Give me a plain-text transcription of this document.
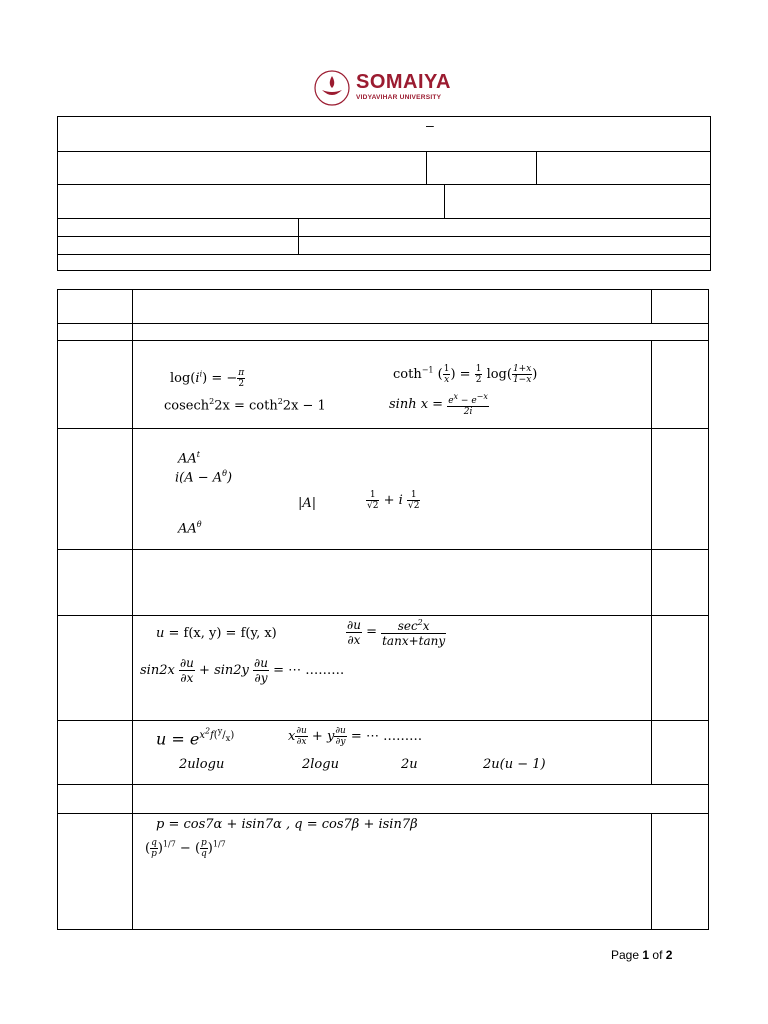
SOMAIYA
VIDYAVIHAR UNIVERSITY
–
$\log(i^i)$ = − $\frac{\pi}{2}$	coth$^{-1}$ ( $\frac{1}{x}$ ) = $\frac{1}{2} \log( \frac{1+x}{1-x}$ )
cosech$^2$2x = coth$^2$2x − 1	$\sinh x = \frac{e^x - e^{-x}}{2i}$
$AA^t$
$i(A - A^\theta)$
|A|	$\frac{1}{√2} + i \frac{1}{√2}$
$AA^\theta$
u = f(x, y) = f(y, x)	$\frac{\partial u}{\partial x}$ =	$\sec^2x$
tanx+tany
$\sin 2x \frac{\partial u}{\partial x} + \sin 2y \frac{\partial u}{\partial y}$ = ⋯ ………
$u = e^{x^2f(^y/_x)}$	x $\frac{\partial u}{\partial x} + y \frac{\partial u}{\partial y}$ = ⋯ ………
2ulogu	2logu	2u	2u(u − 1)
p = cos7α + isin7α , q = cos7β + isin7β
( $\frac{q}{p} )^{1/7}$ − ( $\frac{p}{q} )^{1/7}$
Page 1 of 2
